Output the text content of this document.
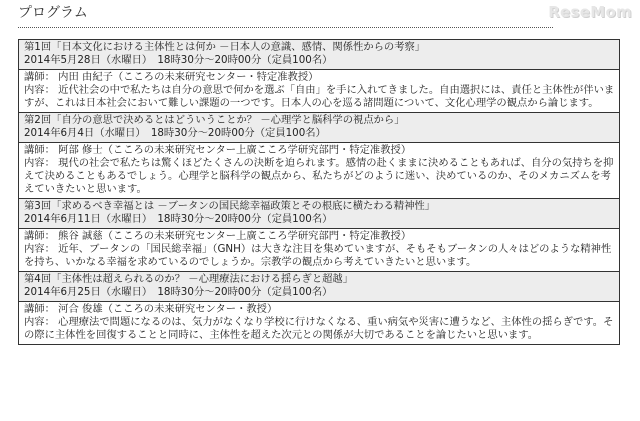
プログラム	ReseMom
第1回「日本文化における主体性とは何か －日本人の意識、感情、関係性からの考察」
2014年5月28日（水曜日）　18時30分～20時00分（定員100名）
講師： 内田 由紀子（こころの未来研究センター・特定准教授）
内容： 近代社会の中で私たちは自分の意思で何かを選ぶ「自由」を手に入れてきました。自由選択には、責任と主体性が伴いますが、これは日本社会において難しい課題の一つです。日本人の心を巡る諸問題について、文化心理学の観点から論じます。
第2回「自分の意思で決めるとはどういうことか？ －心理学と脳科学の視点から」
2014年6月4日（水曜日）　18時30分～20時00分（定員100名）
講師： 阿部 修士（こころの未来研究センター上廣こころ学研究部門・特定准教授）
内容： 現代の社会で私たちは驚くほどたくさんの決断を迫られます。感情の赴くままに決めることもあれば、自分の気持ちを抑えて決めることもあるでしょう。心理学と脳科学の観点から、私たちがどのように迷い、決めているのか、そのメカニズムを考えていきたいと思います。
第3回「求めるべき幸福とは －ブータンの国民総幸福政策とその根底に横たわる精神性」
2014年6月11日（水曜日）　18時30分～20時00分（定員100名）
講師： 熊谷 誠慈（こころの未来研究センター上廣こころ学研究部門・特定准教授）
内容： 近年、ブータンの「国民総幸福」（GNH）は大きな注目を集めていますが、そもそもブータンの人々はどのような精神性を持ち、いかなる幸福を求めているのでしょうか。宗教学の観点から考えていきたいと思います。
第4回「主体性は超えられるのか？ －心理療法における揺らぎと超越」
2014年6月25日（水曜日）　18時30分～20時00分（定員100名）
講師： 河合 俊雄（こころの未来研究センター・教授）
内容： 心理療法で問題になるのは、気力がなくなり学校に行けなくなる、重い病気や災害に遭うなど、主体性の揺らぎです。その際に主体性を回復することと同時に、主体性を超えた次元との関係が大切であることを論じたいと思います。
